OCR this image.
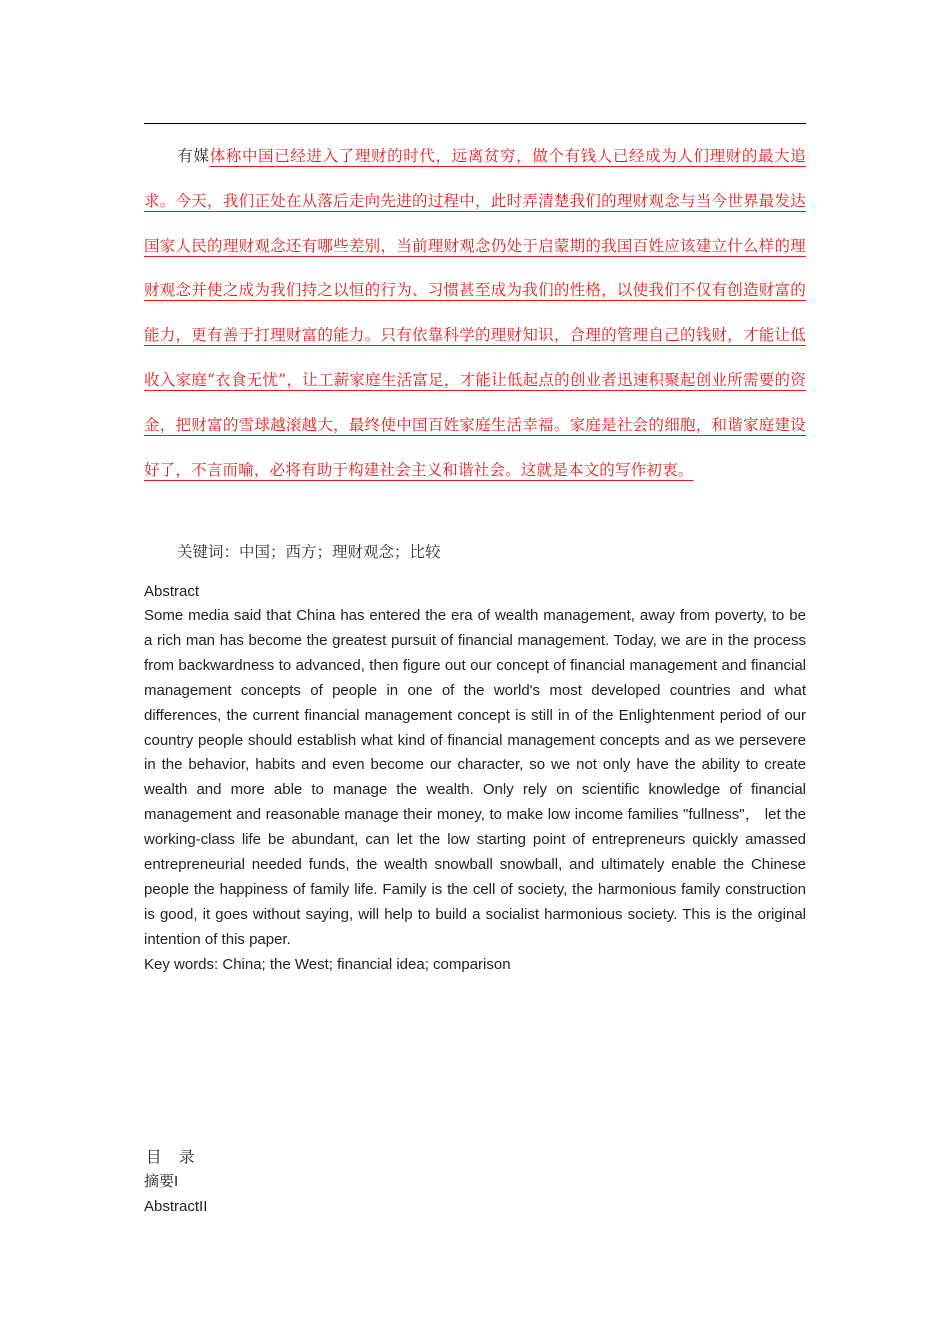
有媒体称中国已经进入了理财的时代，远离贫穷，做个有钱人已经成为人们理财的最大追求。今天，我们正处在从落后走向先进的过程中，此时弄清楚我们的理财观念与当今世界最发达国家人民的理财观念还有哪些差别，当前理财观念仍处于启蒙期的我国百姓应该建立什么样的理财观念并使之成为我们持之以恒的行为、习惯甚至成为我们的性格，以使我们不仅有创造财富的能力，更有善于打理财富的能力。只有依靠科学的理财知识，合理的管理自己的钱财，才能让低收入家庭“衣食无忧”，让工薪家庭生活富足，才能让低起点的创业者迅速积聚起创业所需要的资金，把财富的雪球越滚越大，最终使中国百姓家庭生活幸福。家庭是社会的细胞，和谐家庭建设好了，不言而喻，必将有助于构建社会主义和谐社会。这就是本文的写作初衷。

关键词：中国；西方；理财观念；比较

Abstract

Some media said that China has entered the era of wealth management, away from poverty, to be a rich man has become the greatest pursuit of financial management. Today, we are in the process from backwardness to advanced, then figure out our concept of financial management and financial management concepts of people in one of the world's most developed countries and what differences, the current financial management concept is still in of the Enlightenment period of our country people should establish what kind of financial management concepts and as we persevere in the behavior, habits and even become our character, so we not only have the ability to create wealth and more able to manage the wealth. Only rely on scientific knowledge of financial management and reasonable manage their money, to make low income families "fullness"， let the working-class life be abundant, can let the low starting point of entrepreneurs quickly amassed entrepreneurial needed funds, the wealth snowball snowball, and ultimately enable the Chinese people the happiness of family life. Family is the cell of society, the harmonious family construction is good, it goes without saying, will help to build a socialist harmonious society. This is the original intention of this paper.

Key words: China; the West; financial idea; comparison

目　录

摘要I

AbstractII
